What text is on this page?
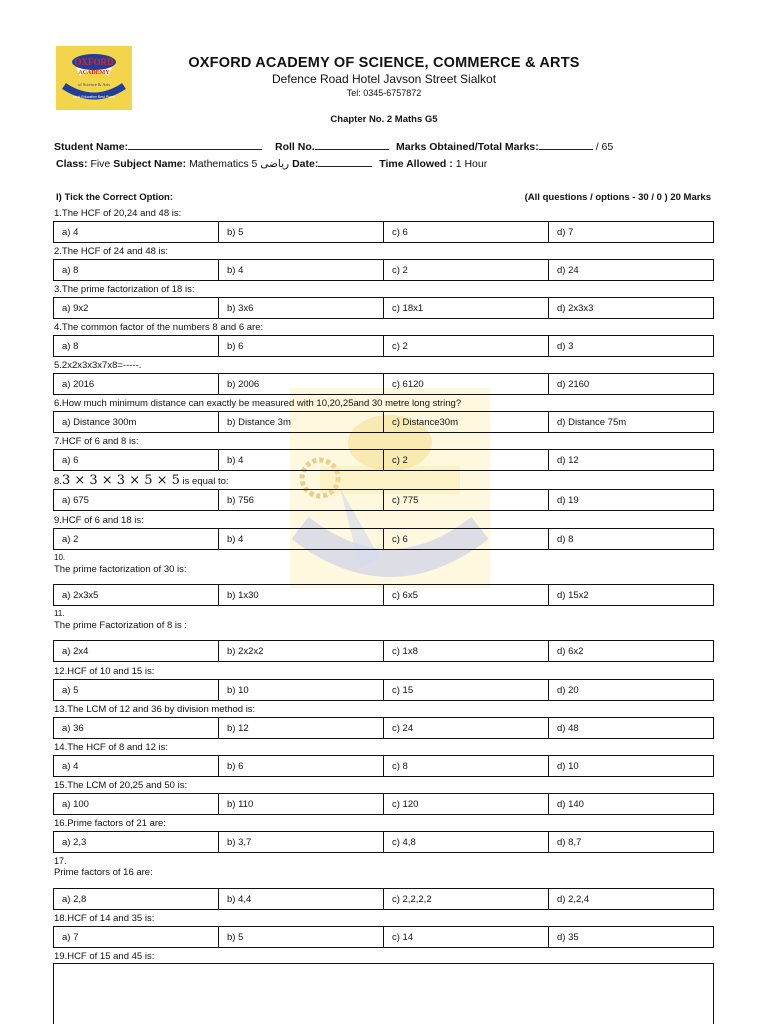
OXFORD
ACADEMY
of Science & Arts
Best Education Best Place
OXFORD ACADEMY OF SCIENCE, COMMERCE & ARTS
Defence Road Hotel Javson Street Sialkot
Tel: 0345-6757872
Chapter No. 2 Maths G5
Student Name:	Roll No.	Marks Obtained/Total Marks:	/ 65
Class: Five Subject Name: Mathematics 5 ریاضی Date:	Time Allowed : 1 Hour
I) Tick the Correct Option:	(All questions / options - 30 / 0 ) 20 Marks
1.The HCF of 20,24 and 48 is:
a) 4	b) 5	c) 6	d) 7
2.The HCF of 24 and 48 is:
a) 8	b) 4	c) 2	d) 24
3.The prime factorization of 18 is:
a) 9x2	b) 3x6	c) 18x1	d) 2x3x3
4.The common factor of the numbers 8 and 6 are:
a) 8	b) 6	c) 2	d) 3
5.2x2x3x3x7x8=-----.
a) 2016	b) 2006	c) 6120	d) 2160
6.How much minimum distance can exactly be measured with 10,20,25and 30 metre long string?
a) Distance 300m	b) Distance 3m	c) Distance30m	d) Distance 75m
7.HCF of 6 and 8 is:
a) 6	b) 4	c) 2	d) 12
8.3 × 3 × 3 × 5 × 5 is equal to:
a) 675	b) 756	c) 775	d) 19
9.HCF of 6 and 18 is:
a) 2	b) 4	c) 6	d) 8
10.
The prime factorization of 30 is:
a) 2x3x5	b) 1x30	c) 6x5	d) 15x2
11.
The prime Factorization of 8 is :
a) 2x4	b) 2x2x2	c) 1x8	d) 6x2
12.HCF of 10 and 15 is:
a) 5	b) 10	c) 15	d) 20
13.The LCM of 12 and 36 by division method is:
a) 36	b) 12	c) 24	d) 48
14.The HCF of 8 and 12 is:
a) 4	b) 6	c) 8	d) 10
15.The LCM of 20,25 and 50 is:
a) 100	b) 110	c) 120	d) 140
16.Prime factors of 21 are:
a) 2,3	b) 3,7	c) 4,8	d) 8,7
17.
Prime factors of 16 are:
a) 2,8	b) 4,4	c) 2,2,2,2	d) 2,2,4
18.HCF of 14 and 35 is:
a) 7	b) 5	c) 14	d) 35
19.HCF of 15 and 45 is:
